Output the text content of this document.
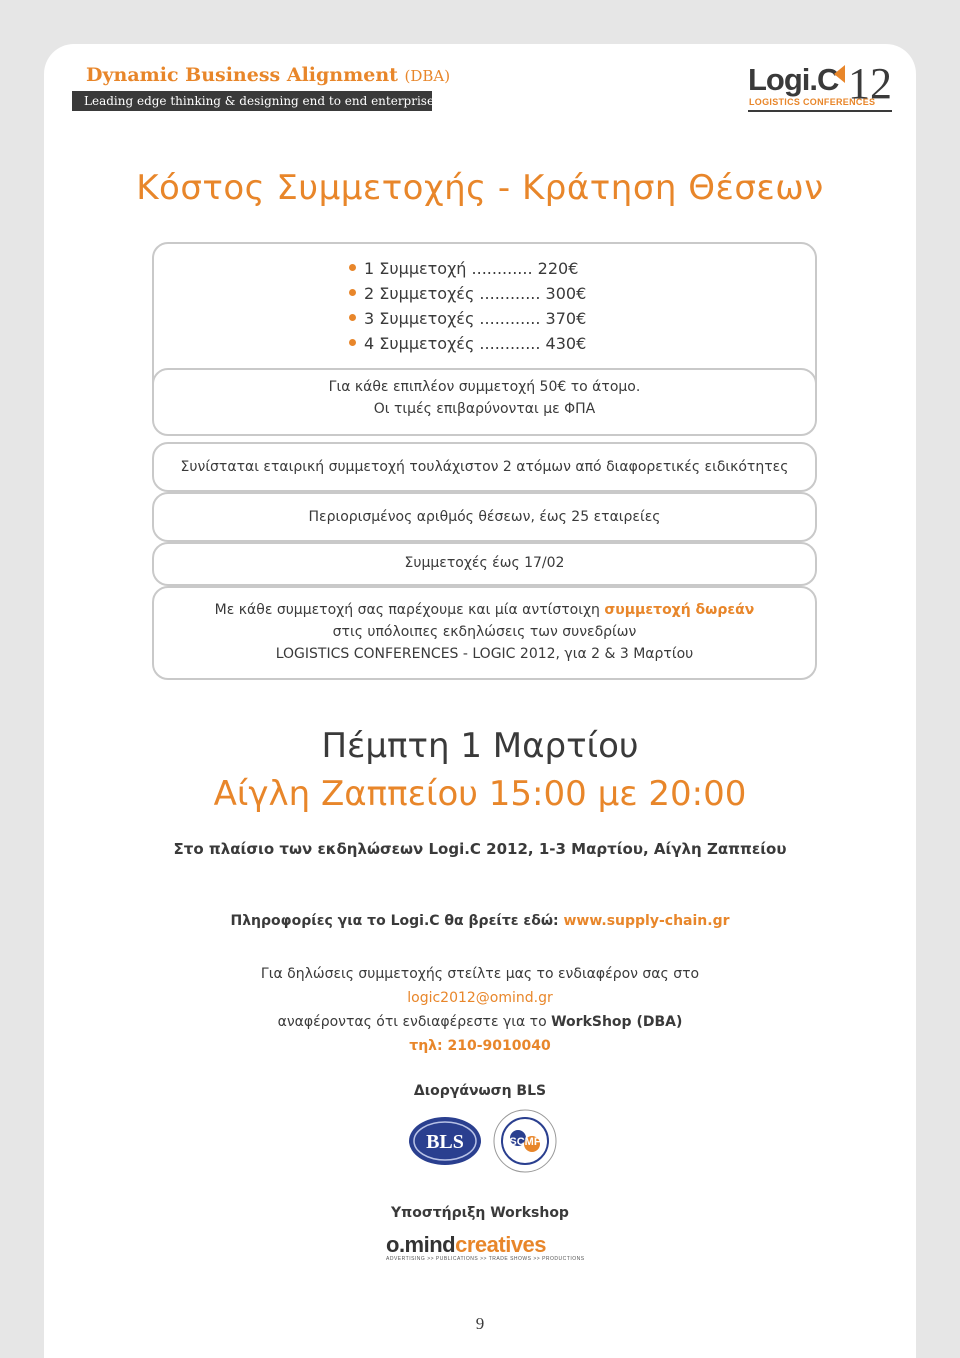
Dynamic Business Alignment (DBA)
Leading edge thinking & designing end to end enterprises
Logi.C 12
LOGISTICS CONFERENCES
Κόστος Συμμετοχής - Κράτηση Θέσεων
1 Συμμετοχή ............ 220€
2 Συμμετοχές ............ 300€
3 Συμμετοχές ............ 370€
4 Συμμετοχές ............ 430€

Για κάθε επιπλέον συμμετοχή 50€ το άτομο.

Οι τιμές επιβαρύνονται με ΦΠΑ

Συνίσταται εταιρική συμμετοχή τουλάχιστον 2 ατόμων από διαφορετικές ειδικότητες

Περιορισμένος αριθμός θέσεων, έως 25 εταιρείες

Συμμετοχές έως 17/02

Με κάθε συμμετοχή σας παρέχουμε και μία αντίστοιχη συμμετοχή δωρεάν

στις υπόλοιπες εκδηλώσεις των συνεδρίων

LOGISTICS CONFERENCES - LOGIC 2012, για 2 & 3 Μαρτίου

Πέμπτη 1 Μαρτίου
Αίγλη Ζαππείου 15:00 με 20:00
Στο πλαίσιο των εκδηλώσεων Logi.C 2012, 1-3 Μαρτίου, Αίγλη Ζαππείου
Πληροφορίες για το Logi.C θα βρείτε εδώ: www.supply-chain.gr
Για δηλώσεις συμμετοχής στείλτε μας το ενδιαφέρον σας στο
logic2012@omind.gr
αναφέροντας ότι ενδιαφέρεστε για το WorkShop (DBA)
τηλ: 210-9010040
Διοργάνωση BLS
BLS	SCMF
Υποστήριξη Workshop
o.mindcreatives
ADVERTISING >> PUBLICATIONS >> TRADE SHOWS >> PRODUCTIONS
9
